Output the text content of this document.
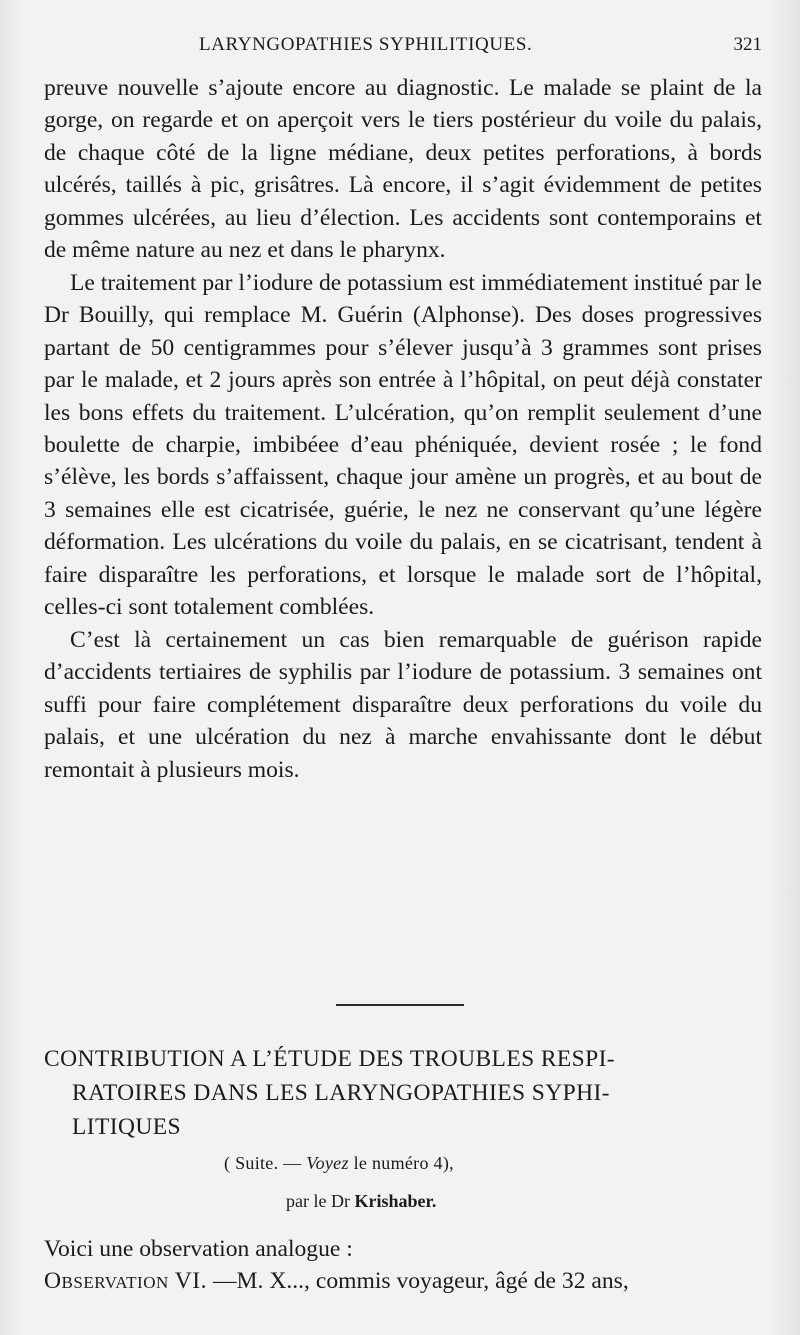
LARYNGOPATHIES SYPHILITIQUES.	321

preuve nouvelle s’ajoute encore au diagnostic. Le malade se plaint de la gorge, on regarde et on aperçoit vers le tiers postérieur du voile du palais, de chaque côté de la ligne médiane, deux petites perforations, à bords ulcérés, taillés à pic, grisâtres. Là encore, il s’agit évidemment de petites gommes ulcérées, au lieu d’élection. Les accidents sont contemporains et de même nature au nez et dans le pharynx.

Le traitement par l’iodure de potassium est immédiatement institué par le Dr Bouilly, qui remplace M. Guérin (Alphonse). Des doses progressives partant de 50 centigrammes pour s’élever jusqu’à 3 grammes sont prises par le malade, et 2 jours après son entrée à l’hôpital, on peut déjà constater les bons effets du traitement. L’ulcération, qu’on remplit seulement d’une boulette de charpie, imbibéee d’eau phéniquée, devient rosée ; le fond s’élève, les bords s’affaissent, chaque jour amène un progrès, et au bout de 3 semaines elle est cicatrisée, guérie, le nez ne conservant qu’une légère déformation. Les ulcérations du voile du palais, en se cicatrisant, tendent à faire disparaître les perforations, et lorsque le malade sort de l’hôpital, celles-ci sont totalement comblées.

C’est là certainement un cas bien remarquable de guérison rapide d’accidents tertiaires de syphilis par l’iodure de potassium. 3 semaines ont suffi pour faire complétement disparaître deux perforations du voile du palais, et une ulcération du nez à marche envahissante dont le début remontait à plusieurs mois.

CONTRIBUTION A L’ÉTUDE DES TROUBLES RESPI-
RATOIRES DANS LES LARYNGOPATHIES SYPHI-
LITIQUES
( Suite. — Voyez le numéro 4),
par le Dr Krishaber.
Voici une observation analogue :
Observation VI. —M. X..., commis voyageur, âgé de 32 ans,
